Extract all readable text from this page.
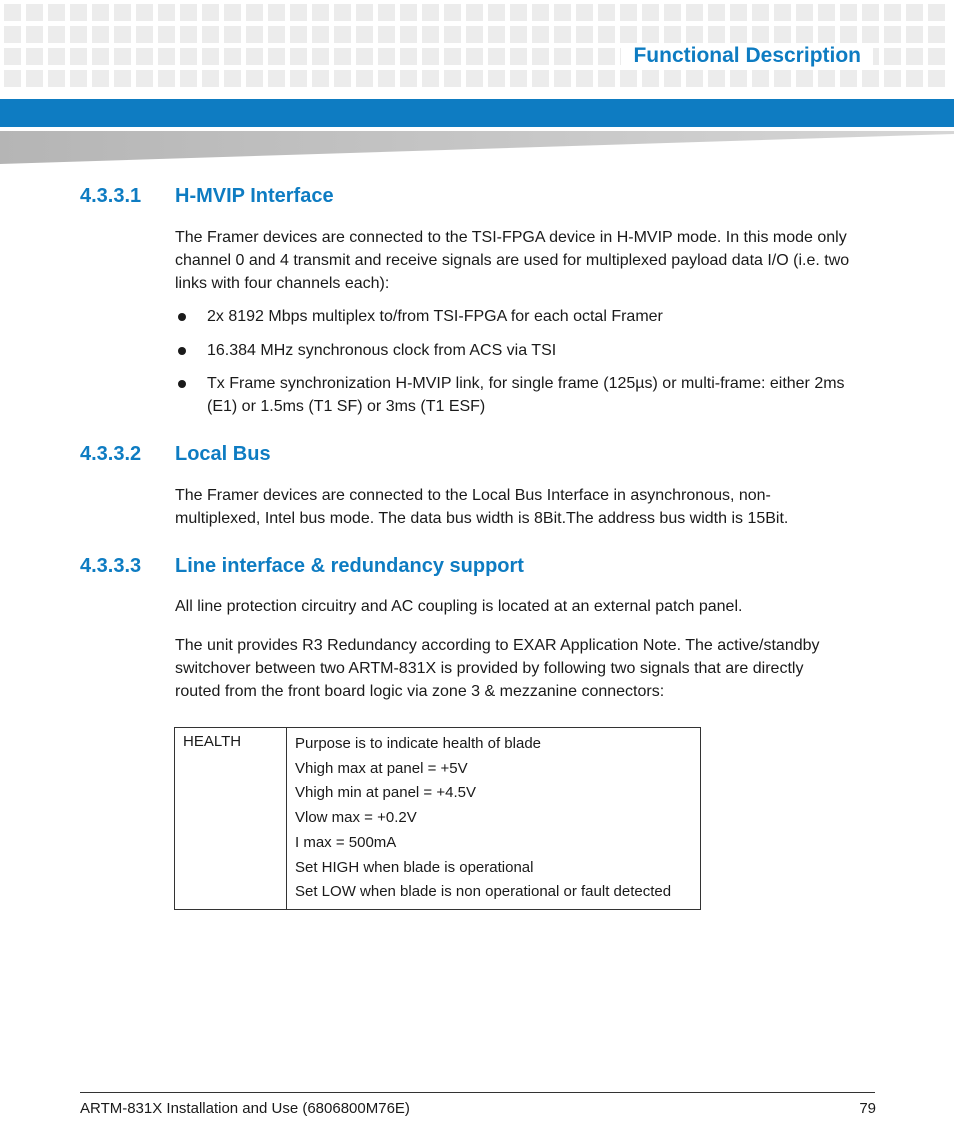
Functional Description
4.3.3.1 H-MVIP Interface
The Framer devices are connected to the TSI-FPGA device in H-MVIP mode. In this mode only
channel 0 and 4 transmit and receive signals are used for multiplexed payload data I/O (i.e. two
links with four channels each):
2x 8192 Mbps multiplex to/from TSI-FPGA for each octal Framer
16.384 MHz synchronous clock from ACS via TSI
Tx Frame synchronization H-MVIP link, for single frame (125µs) or multi-frame: either 2ms
(E1) or 1.5ms (T1 SF) or 3ms (T1 ESF)
4.3.3.2 Local Bus
The Framer devices are connected to the Local Bus Interface in asynchronous, non-
multiplexed, Intel bus mode. The data bus width is 8Bit.The address bus width is 15Bit.
4.3.3.3 Line interface & redundancy support
All line protection circuitry and AC coupling is located at an external patch panel.
The unit provides R3 Redundancy according to EXAR Application Note. The active/standby
switchover between two ARTM-831X is provided by following two signals that are directly
routed from the front board logic via zone 3 & mezzanine connectors:
HEALTH	Purpose is to indicate health of blade
Vhigh max at panel = +5V
Vhigh min at panel = +4.5V
Vlow max = +0.2V
I max = 500mA
Set HIGH when blade is operational
Set LOW when blade is non operational or fault detected
ARTM-831X Installation and Use (6806800M76E)	79
